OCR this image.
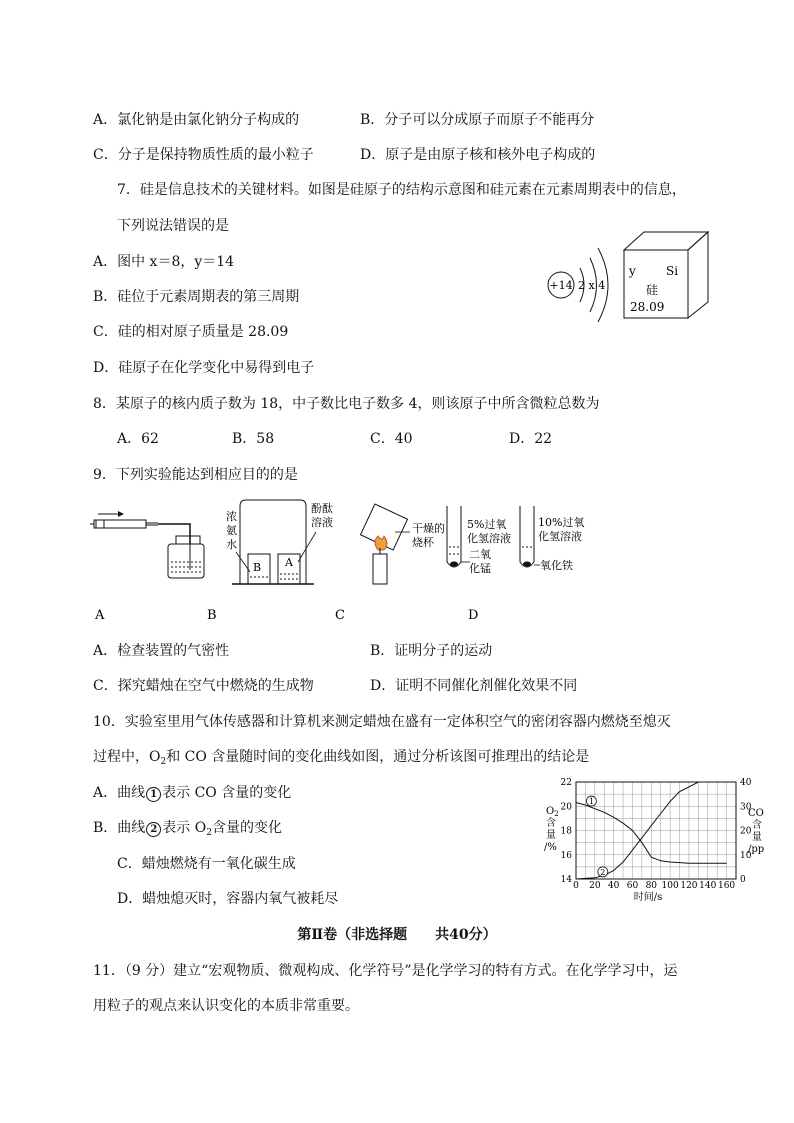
A．氯化钠是由氯化钠分子构成的	B．分子可以分成原子而原子不能再分
C．分子是保持物质性质的最小粒子	D．原子是由原子核和核外电子构成的
7．硅是信息技术的关键材料。如图是硅原子的结构示意图和硅元素在元素周期表中的信息，
下列说法错误的是
A．图中 x＝8，y＝14
B．硅位于元素周期表的第三周期
C．硅的相对原子质量是 28.09
D．硅原子在化学变化中易得到电子
+14 2 x 4
y	Si
硅
28.09
8．某原子的核内质子数为 18，中子数比电子数多 4，则该原子中所含微粒总数为
A．62	B．58	C．40	D．22
9．下列实验能达到相应目的的是
浓
氨
水
B A
酚酞
溶液	干燥的
烧杯
5%过氧
化氢溶液
二氧
化锰
10%过氧
化氢溶液
氧化铁
A	B	C	D
A．检查装置的气密性	B．证明分子的运动
C．探究蜡烛在空气中燃烧的生成物	D．证明不同催化剂催化效果不同
10．实验室里用气体传感器和计算机来测定蜡烛在盛有一定体积空气的密闭容器内燃烧至熄灭
过程中，$O_2$和 CO 含量随时间的变化曲线如图，通过分析该图可推理出的结论是
A．曲线 1 表示 CO 含量的变化
B．曲线 2 表示 $O_2$含量的变化
C．蜡烛燃烧有一氧化碳生成
D．蜡烛熄灭时，容器内氧气被耗尽
0 20 40 60 80 100 120 140 160
14
16
18
20
22
0
10
20
30
40
1
2
$O_2$
含
量
/%
CO
含
量
/pp
时间/s
第Ⅱ卷（非选择题　　共40分）
11．（9 分）建立“宏观物质、微观构成、化学符号”是化学学习的特有方式。在化学学习中，运
用粒子的观点来认识变化的本质非常重要。
